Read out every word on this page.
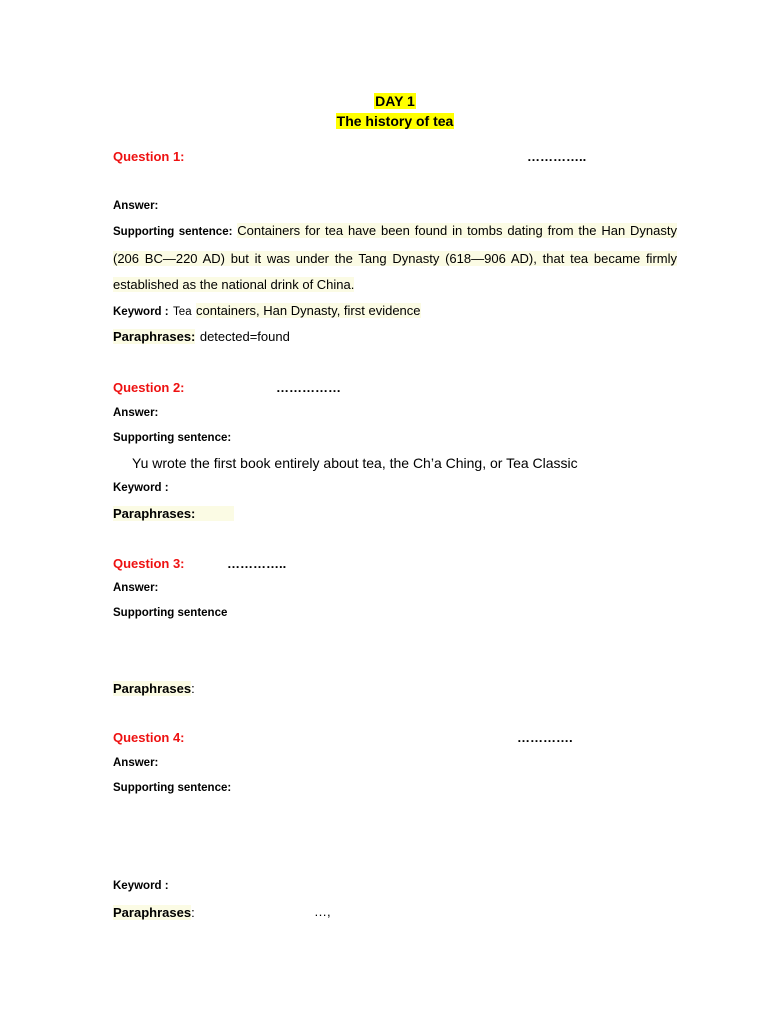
DAY 1
The history of tea
Question 1:	…………..
Answer:
Supporting sentence: Containers for tea have been found in tombs dating from the Han Dynasty (206 BC—220 AD) but it was under the Tang Dynasty (618—906 AD), that tea became firmly established as the national drink of China.
Keyword : Tea containers, Han Dynasty, first evidence
Paraphrases: detected=found
Question 2:	……………
Answer:
Supporting sentence:
Yu wrote the first book entirely about tea, the Ch’a Ching, or Tea Classic
Keyword :
Paraphrases:
Question 3:	…………..
Answer:
Supporting sentence
Paraphrases:
Question 4:	………….
Answer:
Supporting sentence:
Keyword :
Paraphrases:	…,
